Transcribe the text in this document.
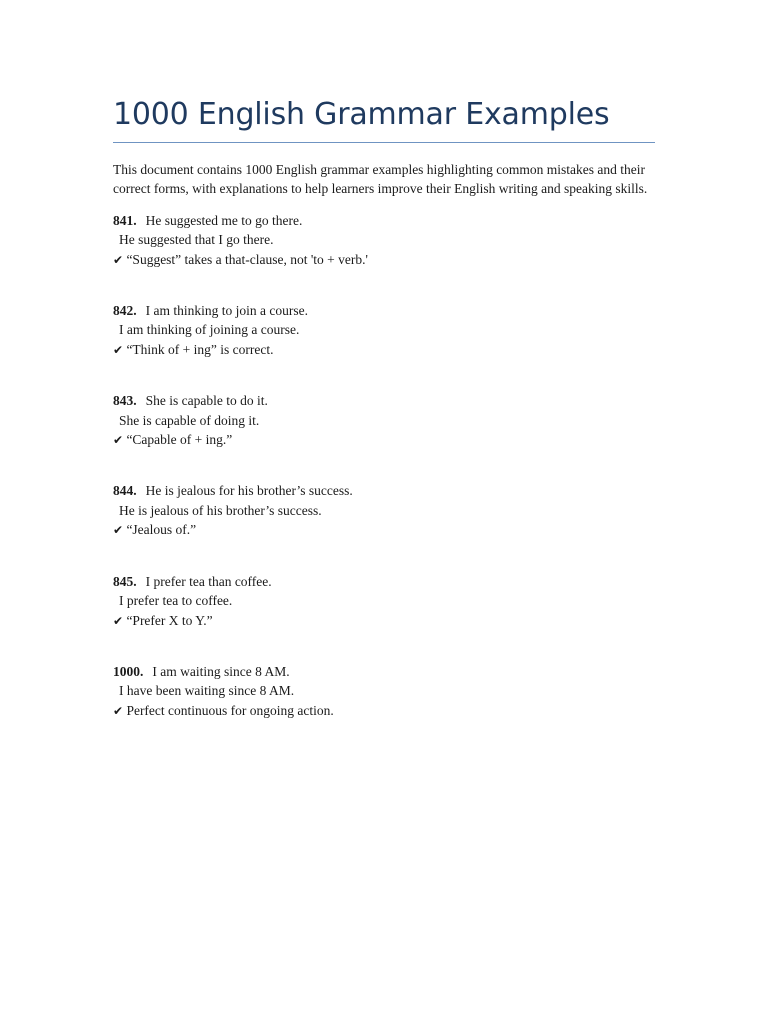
1000 English Grammar Examples

This document contains 1000 English grammar examples highlighting common mistakes and their correct forms, with explanations to help learners improve their English writing and speaking skills.

841. He suggested me to go there.
He suggested that I go there.
✔ “Suggest” takes a that-clause, not 'to + verb.'
842. I am thinking to join a course.
I am thinking of joining a course.
✔ “Think of + ing” is correct.
843. She is capable to do it.
She is capable of doing it.
✔ “Capable of + ing.”
844. He is jealous for his brother’s success.
He is jealous of his brother’s success.
✔ “Jealous of.”
845. I prefer tea than coffee.
I prefer tea to coffee.
✔ “Prefer X to Y.”
1000. I am waiting since 8 AM.
I have been waiting since 8 AM.
✔ Perfect continuous for ongoing action.
